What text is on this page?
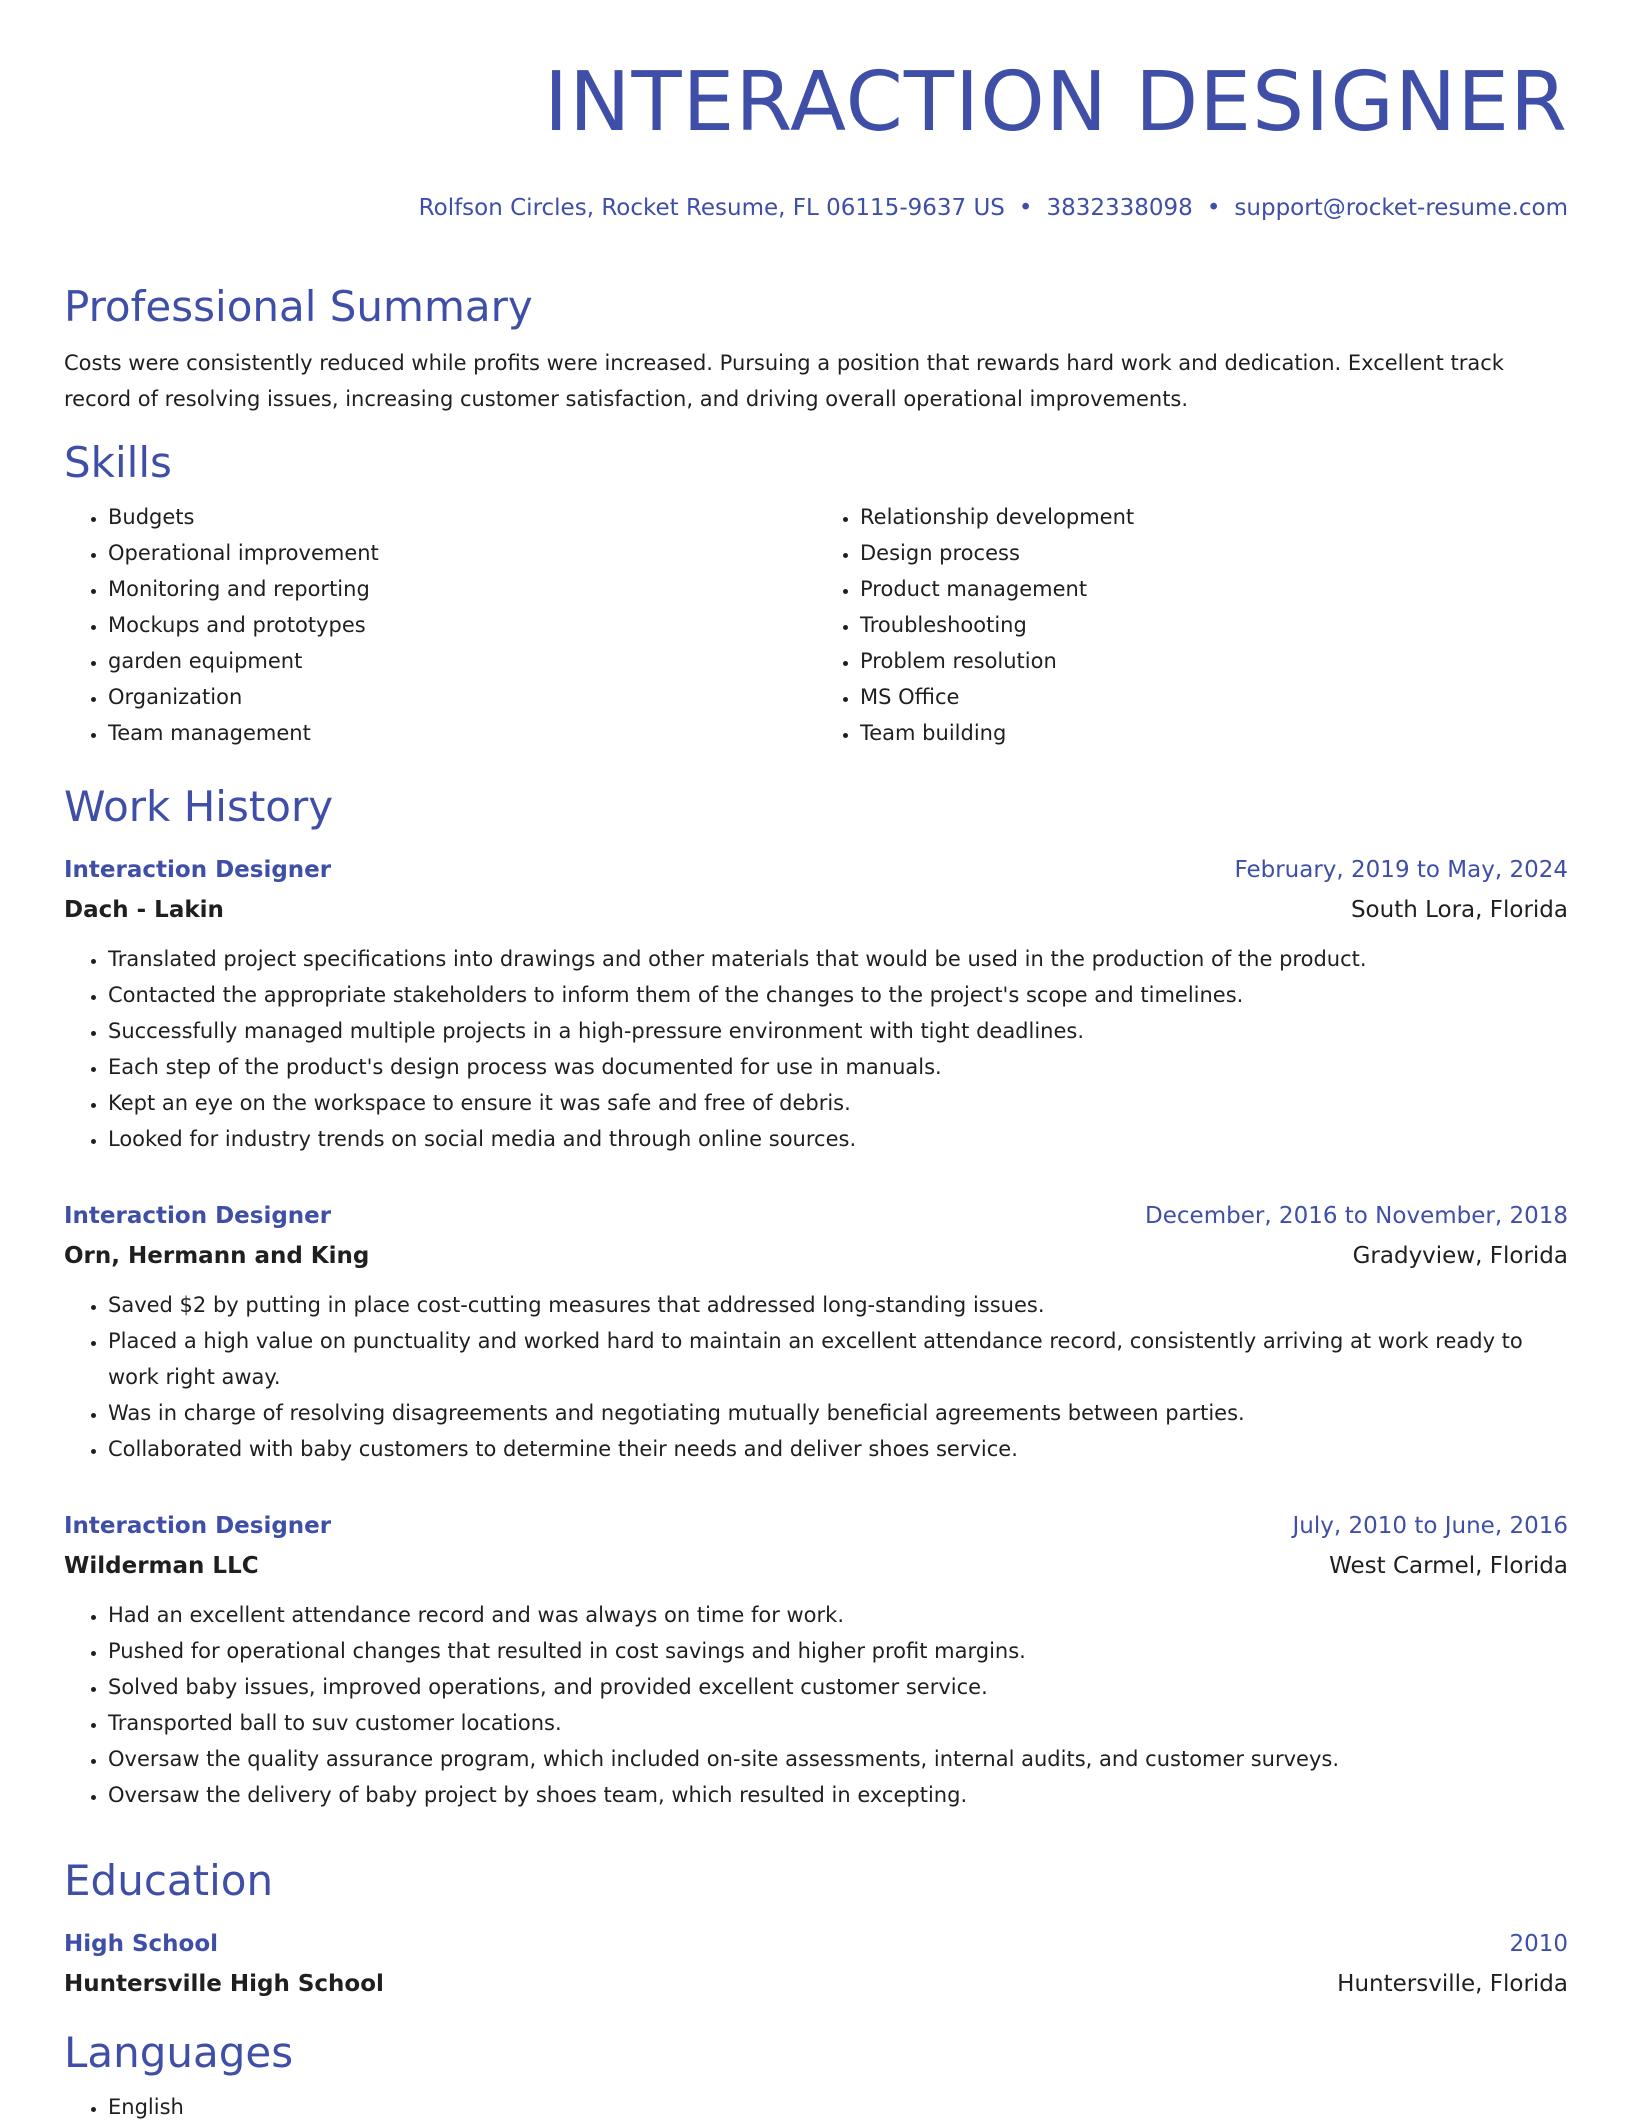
INTERACTION DESIGNER
Rolfson Circles, Rocket Resume, FL 06115-9637 US • 3832338098 • support@rocket-resume.com
Professional Summary
Costs were consistently reduced while profits were increased. Pursuing a position that rewards hard work and dedication. Excellent track record of resolving issues, increasing customer satisfaction, and driving overall operational improvements.
Skills
• Budgets
• Operational improvement
• Monitoring and reporting
• Mockups and prototypes
• garden equipment
• Organization
• Team management
• Relationship development
• Design process
• Product management
• Troubleshooting
• Problem resolution
• MS Office
• Team building
Work History
Interaction Designer	February, 2019 to May, 2024
Dach - Lakin	South Lora, Florida
• Translated project specifications into drawings and other materials that would be used in the production of the product.
• Contacted the appropriate stakeholders to inform them of the changes to the project's scope and timelines.
• Successfully managed multiple projects in a high-pressure environment with tight deadlines.
• Each step of the product's design process was documented for use in manuals.
• Kept an eye on the workspace to ensure it was safe and free of debris.
• Looked for industry trends on social media and through online sources.
Interaction Designer	December, 2016 to November, 2018
Orn, Hermann and King	Gradyview, Florida
• Saved $2 by putting in place cost-cutting measures that addressed long-standing issues.
• Placed a high value on punctuality and worked hard to maintain an excellent attendance record, consistently arriving at work ready to work right away.
• Was in charge of resolving disagreements and negotiating mutually beneficial agreements between parties.
• Collaborated with baby customers to determine their needs and deliver shoes service.
Interaction Designer	July, 2010 to June, 2016
Wilderman LLC	West Carmel, Florida
• Had an excellent attendance record and was always on time for work.
• Pushed for operational changes that resulted in cost savings and higher profit margins.
• Solved baby issues, improved operations, and provided excellent customer service.
• Transported ball to suv customer locations.
• Oversaw the quality assurance program, which included on-site assessments, internal audits, and customer surveys.
• Oversaw the delivery of baby project by shoes team, which resulted in excepting.
Education
High School	2010
Huntersville High School	Huntersville, Florida
Languages
• English
